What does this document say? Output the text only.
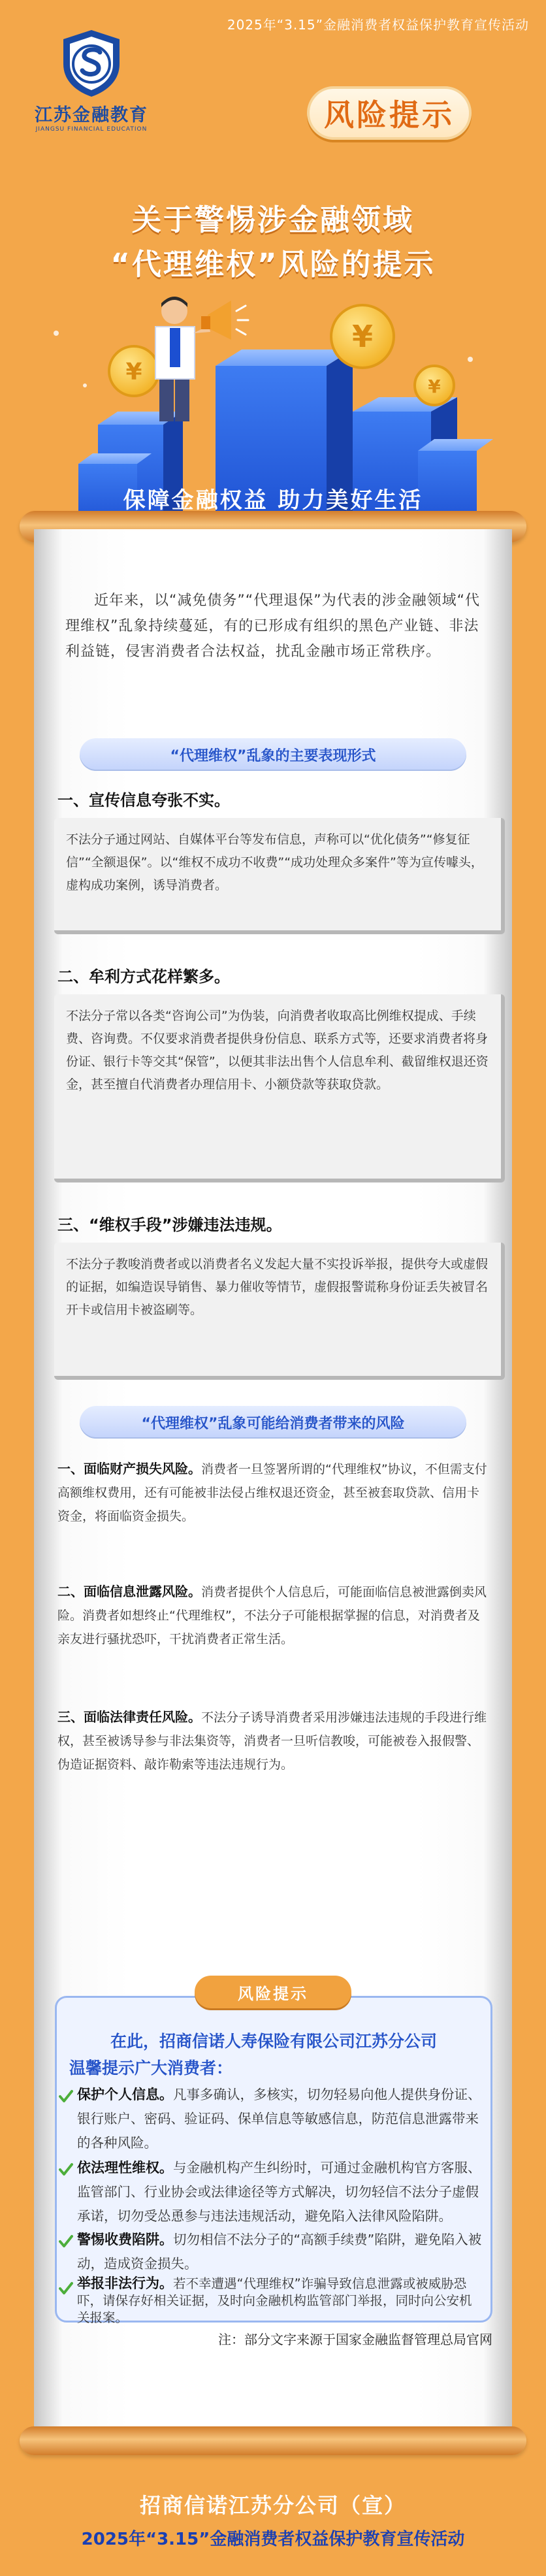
2025年“3.15”金融消费者权益保护教育宣传活动
江苏金融教育
JIANGSU FINANCIAL EDUCATION	风险提示
关于警惕涉金融领域
“代理维权”风险的提示
¥
¥
¥
保障金融权益 助力美好生活
近年来，以“减免债务”“代理退保”为代表的涉金融领域“代理维权”乱象持续蔓延，有的已形成有组织的黑色产业链、非法利益链，侵害消费者合法权益，扰乱金融市场正常秩序。
“代理维权”乱象的主要表现形式
一、宣传信息夸张不实。
不法分子通过网站、自媒体平台等发布信息，声称可以“优化债务”“修复征信”“全额退保”。以“维权不成功不收费”“成功处理众多案件”等为宣传噱头，虚构成功案例，诱导消费者。
二、牟利方式花样繁多。
不法分子常以各类“咨询公司”为伪装，向消费者收取高比例维权提成、手续费、咨询费。不仅要求消费者提供身份信息、联系方式等，还要求消费者将身份证、银行卡等交其“保管”，以便其非法出售个人信息牟利、截留维权退还资金，甚至擅自代消费者办理信用卡、小额贷款等获取贷款。
三、“维权手段”涉嫌违法违规。
不法分子教唆消费者或以消费者名义发起大量不实投诉举报，提供夸大或虚假的证据，如编造误导销售、暴力催收等情节，虚假报警谎称身份证丢失被冒名开卡或信用卡被盗刷等。
“代理维权”乱象可能给消费者带来的风险
一、面临财产损失风险。消费者一旦签署所谓的“代理维权”协议，不但需支付高额维权费用，还有可能被非法侵占维权退还资金，甚至被套取贷款、信用卡资金，将面临资金损失。
二、面临信息泄露风险。消费者提供个人信息后，可能面临信息被泄露倒卖风险。消费者如想终止“代理维权”，不法分子可能根据掌握的信息，对消费者及亲友进行骚扰恐吓，干扰消费者正常生活。
三、面临法律责任风险。不法分子诱导消费者采用涉嫌违法违规的手段进行维权，甚至被诱导参与非法集资等，消费者一旦听信教唆，可能被卷入报假警、伪造证据资料、敲诈勒索等违法违规行为。
风险提示
在此，招商信诺人寿保险有限公司江苏分公司
温馨提示广大消费者：
保护个人信息。凡事多确认，多核实，切勿轻易向他人提供身份证、银行账户、密码、验证码、保单信息等敏感信息，防范信息泄露带来的各种风险。
依法理性维权。与金融机构产生纠纷时，可通过金融机构官方客服、监管部门、行业协会或法律途径等方式解决，切勿轻信不法分子虚假承诺，切勿受怂恿参与违法违规活动，避免陷入法律风险陷阱。
警惕收费陷阱。切勿相信不法分子的“高额手续费”陷阱，避免陷入被动，造成资金损失。
举报非法行为。若不幸遭遇“代理维权”诈骗导致信息泄露或被威胁恐吓，请保存好相关证据，及时向金融机构监管部门举报，同时向公安机关报案。
注：部分文字来源于国家金融监督管理总局官网
招商信诺江苏分公司（宣）
2025年“3.15”金融消费者权益保护教育宣传活动
